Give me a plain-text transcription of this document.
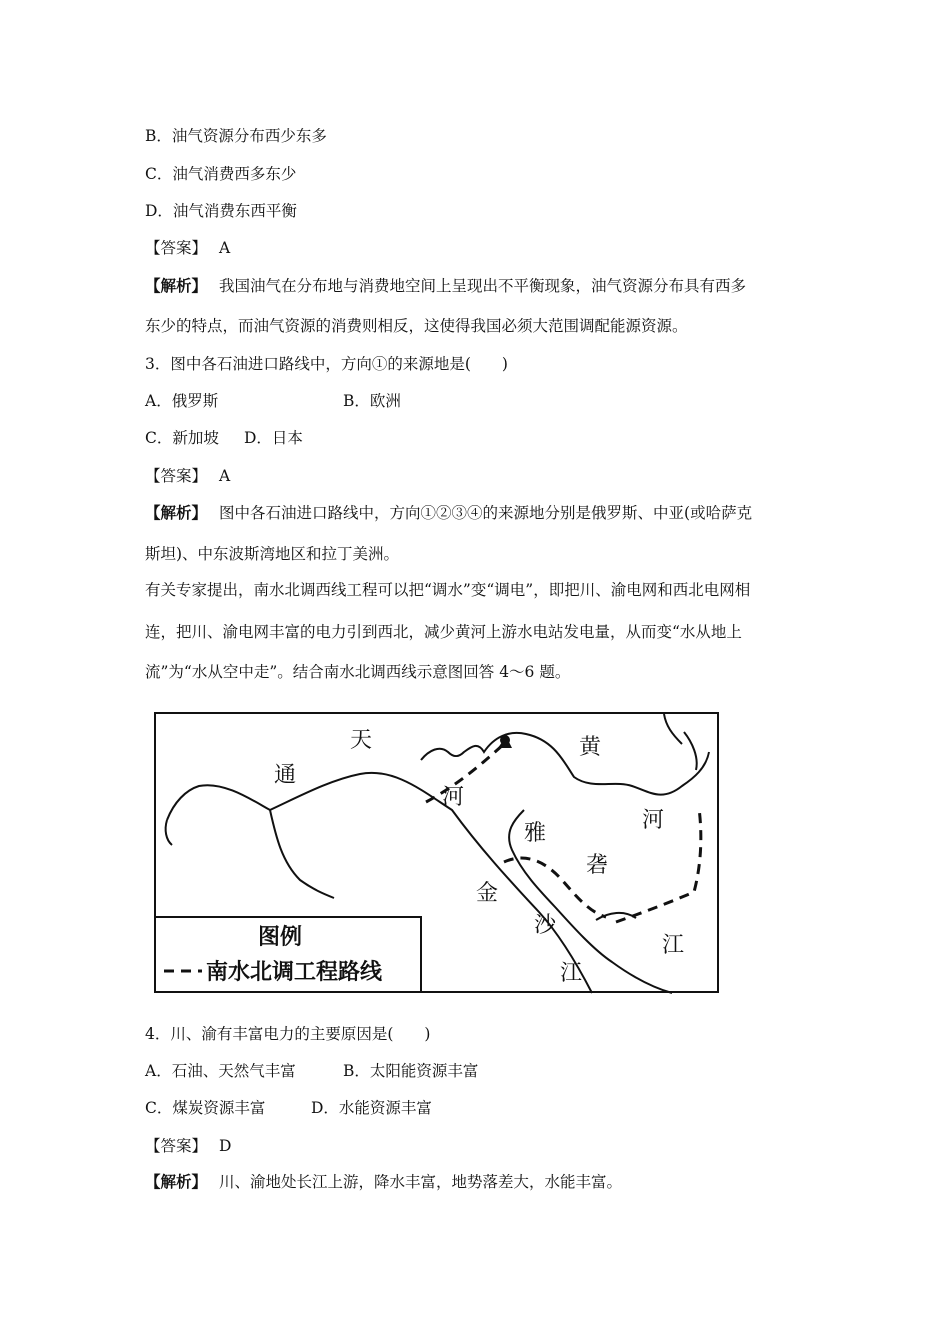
B．油气资源分布西少东多
C．油气消费西多东少
D．油气消费东西平衡
【答案】 A
【解析】 我国油气在分布地与消费地空间上呈现出不平衡现象，油气资源分布具有西多
东少的特点，而油气资源的消费则相反，这使得我国必须大范围调配能源资源。
3．图中各石油进口路线中，方向①的来源地是(　　)
A．俄罗斯	B．欧洲
C．新加坡 D．日本
【答案】 A
【解析】 图中各石油进口路线中，方向①②③④的来源地分别是俄罗斯、中亚(或哈萨克
斯坦)、中东波斯湾地区和拉丁美洲。
有关专家提出，南水北调西线工程可以把“调水”变“调电”，即把川、渝电网和西北电网相
连，把川、渝电网丰富的电力引到西北，减少黄河上游水电站发电量，从而变“水从地上
流”为“水从空中走”。结合南水北调西线示意图回答 4～6 题。
通
天
河
黄
河
雅
砻
金
沙
江
江
图例
南水北调工程路线
4．川、渝有丰富电力的主要原因是(　　)
A．石油、天然气丰富	B．太阳能资源丰富
C．煤炭资源丰富	D．水能资源丰富
【答案】 D
【解析】 川、渝地处长江上游，降水丰富，地势落差大，水能丰富。
